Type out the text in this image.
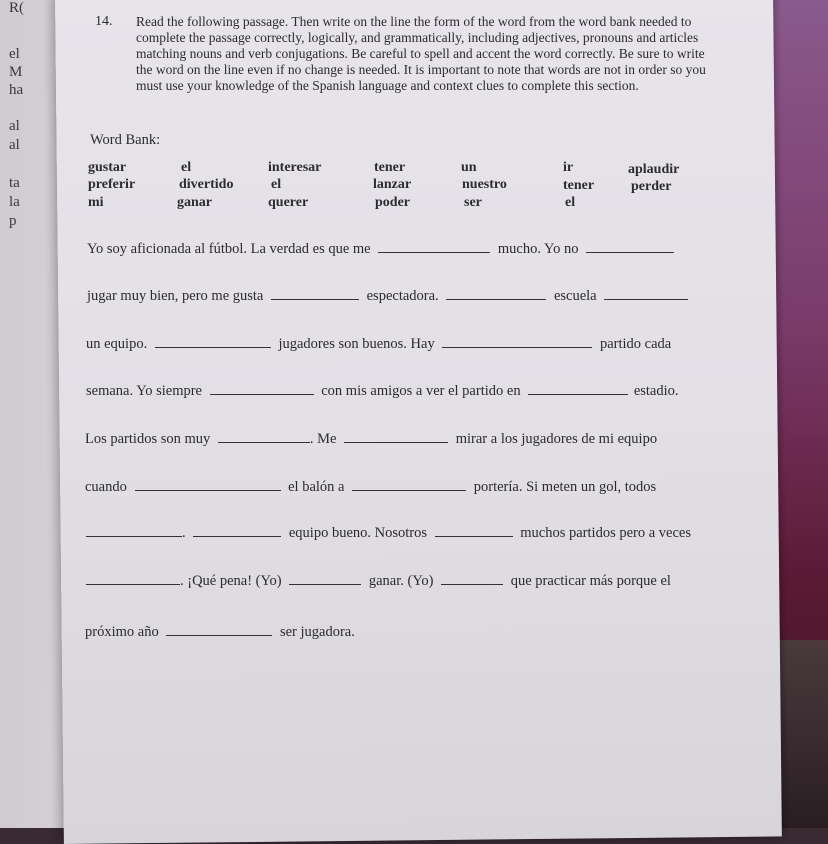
R(
el
M
ha
al
al
ta
la
p
14. Read the following passage. Then write on the line the form of the word from the word bank needed to complete the passage correctly, logically, and grammatically, including adjectives, pronouns and articles matching nouns and verb conjugations. Be careful to spell and accent the word correctly. Be sure to write the word on the line even if no change is needed. It is important to note that words are not in order so you must use your knowledge of the Spanish language and context clues to complete this section.
Word Bank:
gustar	el	interesar	tener	un	ir	aplaudir
preferir	divertido	el	lanzar	nuestro	tener	perder
mi	ganar	querer	poder	ser	el
Yo soy aficionada al fútbol. La verdad es que me	mucho. Yo no
jugar muy bien, pero me gusta	espectadora.	escuela
un equipo.	jugadores son buenos. Hay	partido cada
semana. Yo siempre	con mis amigos a ver el partido en	estadio.
Los partidos son muy	. Me	mirar a los jugadores de mi equipo
cuando	el balón a	portería. Si meten un gol, todos
.	equipo bueno. Nosotros	muchos partidos pero a veces
. ¡Qué pena! (Yo)	ganar. (Yo)	que practicar más porque el
próximo año	ser jugadora.
